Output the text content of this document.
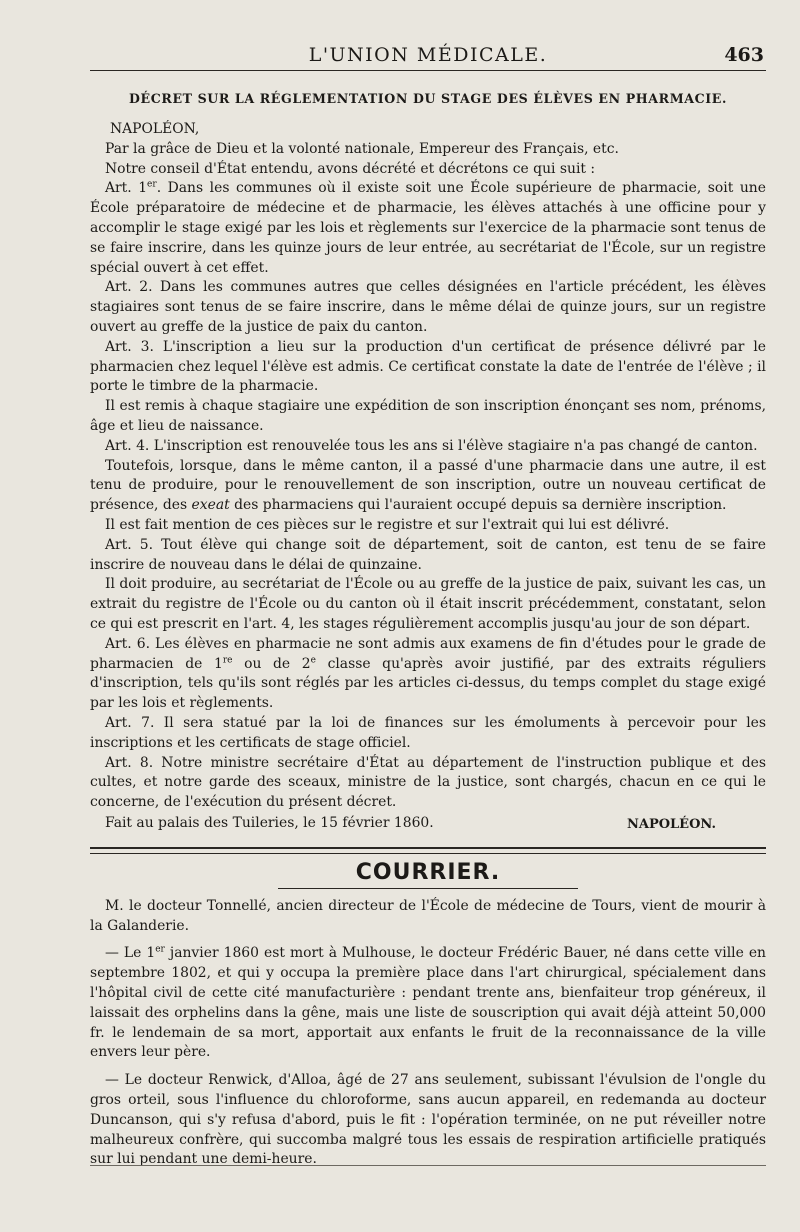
L'UNION MÉDICALE.	463
DÉCRET SUR LA RÉGLEMENTATION DU STAGE DES ÉLÈVES EN PHARMACIE.

NAPOLÉON,

Par la grâce de Dieu et la volonté nationale, Empereur des Français, etc.

Notre conseil d'État entendu, avons décrété et décrétons ce qui suit :

Art. 1er. Dans les communes où il existe soit une École supérieure de pharmacie, soit une École préparatoire de médecine et de pharmacie, les élèves attachés à une officine pour y accomplir le stage exigé par les lois et règlements sur l'exercice de la pharmacie sont tenus de se faire inscrire, dans les quinze jours de leur entrée, au secrétariat de l'École, sur un registre spécial ouvert à cet effet.

Art. 2. Dans les communes autres que celles désignées en l'article précédent, les élèves stagiaires sont tenus de se faire inscrire, dans le même délai de quinze jours, sur un registre ouvert au greffe de la justice de paix du canton.

Art. 3. L'inscription a lieu sur la production d'un certificat de présence délivré par le pharmacien chez lequel l'élève est admis. Ce certificat constate la date de l'entrée de l'élève ; il porte le timbre de la pharmacie.

Il est remis à chaque stagiaire une expédition de son inscription énonçant ses nom, prénoms, âge et lieu de naissance.

Art. 4. L'inscription est renouvelée tous les ans si l'élève stagiaire n'a pas changé de canton.

Toutefois, lorsque, dans le même canton, il a passé d'une pharmacie dans une autre, il est tenu de produire, pour le renouvellement de son inscription, outre un nouveau certificat de présence, des exeat des pharmaciens qui l'auraient occupé depuis sa dernière inscription.

Il est fait mention de ces pièces sur le registre et sur l'extrait qui lui est délivré.

Art. 5. Tout élève qui change soit de département, soit de canton, est tenu de se faire inscrire de nouveau dans le délai de quinzaine.

Il doit produire, au secrétariat de l'École ou au greffe de la justice de paix, suivant les cas, un extrait du registre de l'École ou du canton où il était inscrit précédemment, constatant, selon ce qui est prescrit en l'art. 4, les stages régulièrement accomplis jusqu'au jour de son départ.

Art. 6. Les élèves en pharmacie ne sont admis aux examens de fin d'études pour le grade de pharmacien de 1re ou de 2e classe qu'après avoir justifié, par des extraits réguliers d'inscription, tels qu'ils sont réglés par les articles ci-dessus, du temps complet du stage exigé par les lois et règlements.

Art. 7. Il sera statué par la loi de finances sur les émoluments à percevoir pour les inscriptions et les certificats de stage officiel.

Art. 8. Notre ministre secrétaire d'État au département de l'instruction publique et des cultes, et notre garde des sceaux, ministre de la justice, sont chargés, chacun en ce qui le concerne, de l'exécution du présent décret.

Fait au palais des Tuileries, le 15 février 1860.	NAPOLÉON.
COURRIER.

M. le docteur Tonnellé, ancien directeur de l'École de médecine de Tours, vient de mourir à la Galanderie.

— Le 1er janvier 1860 est mort à Mulhouse, le docteur Frédéric Bauer, né dans cette ville en septembre 1802, et qui y occupa la première place dans l'art chirurgical, spécialement dans l'hôpital civil de cette cité manufacturière : pendant trente ans, bienfaiteur trop généreux, il laissait des orphelins dans la gêne, mais une liste de souscription qui avait déjà atteint 50,000 fr. le lendemain de sa mort, apportait aux enfants le fruit de la reconnaissance de la ville envers leur père.

— Le docteur Renwick, d'Alloa, âgé de 27 ans seulement, subissant l'évulsion de l'ongle du gros orteil, sous l'influence du chloroforme, sans aucun appareil, en redemanda au docteur Duncanson, qui s'y refusa d'abord, puis le fit : l'opération terminée, on ne put réveiller notre malheureux confrère, qui succomba malgré tous les essais de respiration artificielle pratiqués sur lui pendant une demi-heure.
